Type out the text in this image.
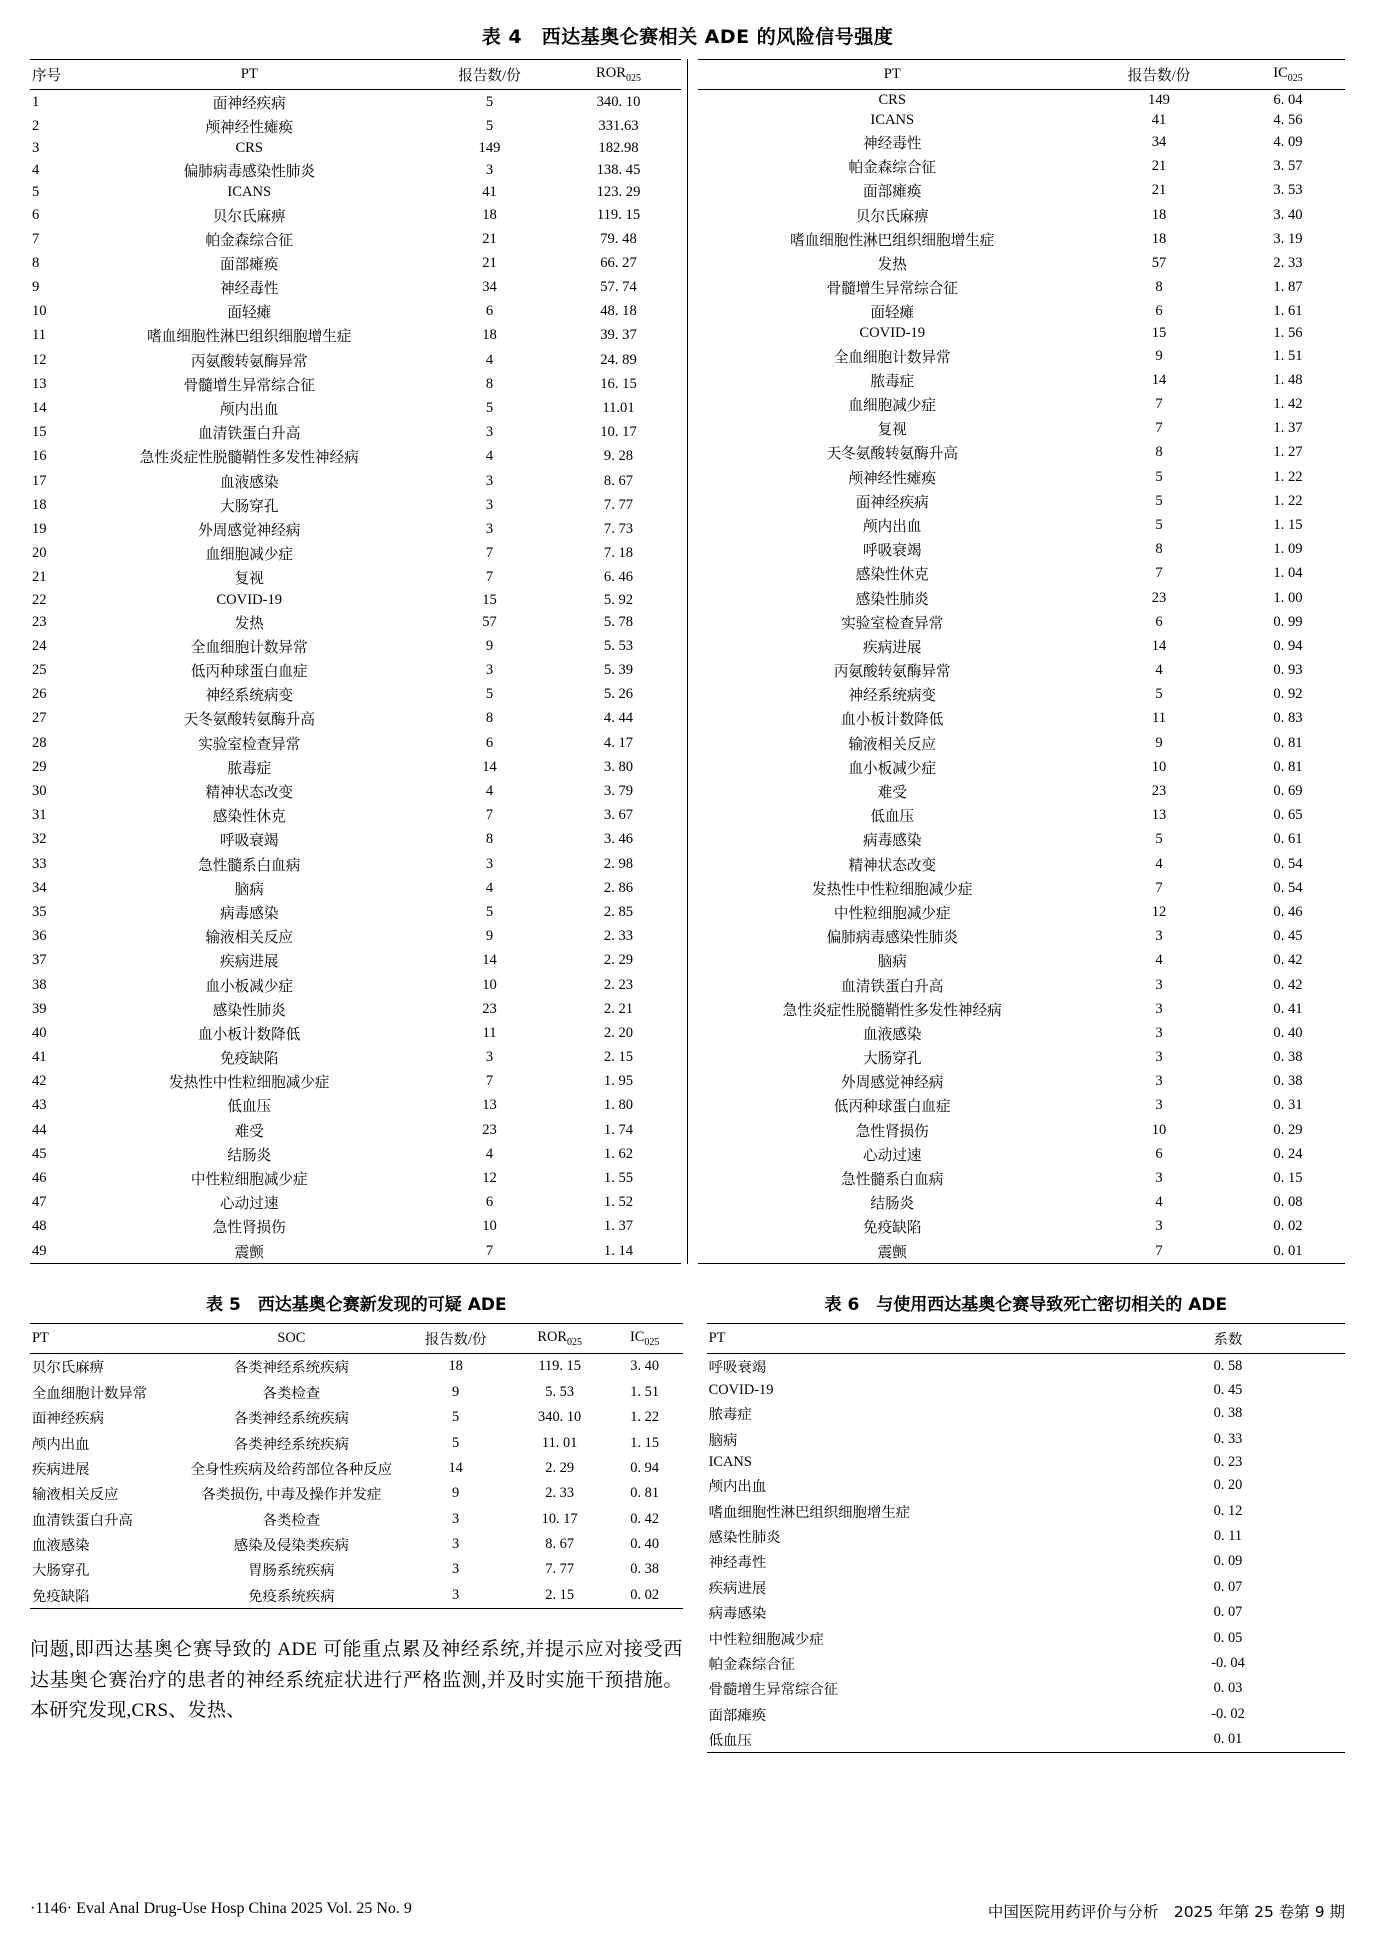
表 4　西达基奥仑赛相关 ADE 的风险信号强度
序号	PT	报告数/份	$ROR_{025}$
1	面神经疾病	5	340. 10
2	颅神经性瘫痪	5	331.63
3	CRS	149	182.98
4	偏肺病毒感染性肺炎	3	138. 45
5	ICANS	41	123. 29
6	贝尔氏麻痹	18	119. 15
7	帕金森综合征	21	79. 48
8	面部瘫痪	21	66. 27
9	神经毒性	34	57. 74
10	面轻瘫	6	48. 18
11	嗜血细胞性淋巴组织细胞增生症	18	39. 37
12	丙氨酸转氨酶异常	4	24. 89
13	骨髓增生异常综合征	8	16. 15
14	颅内出血	5	11.01
15	血清铁蛋白升高	3	10. 17
16	急性炎症性脱髓鞘性多发性神经病	4	9. 28
17	血液感染	3	8. 67
18	大肠穿孔	3	7. 77
19	外周感觉神经病	3	7. 73
20	血细胞减少症	7	7. 18
21	复视	7	6. 46
22	COVID-19	15	5. 92
23	发热	57	5. 78
24	全血细胞计数异常	9	5. 53
25	低丙种球蛋白血症	3	5. 39
26	神经系统病变	5	5. 26
27	天冬氨酸转氨酶升高	8	4. 44
28	实验室检查异常	6	4. 17
29	脓毒症	14	3. 80
30	精神状态改变	4	3. 79
31	感染性休克	7	3. 67
32	呼吸衰竭	8	3. 46
33	急性髓系白血病	3	2. 98
34	脑病	4	2. 86
35	病毒感染	5	2. 85
36	输液相关反应	9	2. 33
37	疾病进展	14	2. 29
38	血小板减少症	10	2. 23
39	感染性肺炎	23	2. 21
40	血小板计数降低	11	2. 20
41	免疫缺陷	3	2. 15
42	发热性中性粒细胞减少症	7	1. 95
43	低血压	13	1. 80
44	难受	23	1. 74
45	结肠炎	4	1. 62
46	中性粒细胞减少症	12	1. 55
47	心动过速	6	1. 52
48	急性肾损伤	10	1. 37
49	震颤	7	1. 14
PT	报告数/份	$IC_{025}$
CRS	149	6. 04
ICANS	41	4. 56
神经毒性	34	4. 09
帕金森综合征	21	3. 57
面部瘫痪	21	3. 53
贝尔氏麻痹	18	3. 40
嗜血细胞性淋巴组织细胞增生症	18	3. 19
发热	57	2. 33
骨髓增生异常综合征	8	1. 87
面轻瘫	6	1. 61
COVID-19	15	1. 56
全血细胞计数异常	9	1. 51
脓毒症	14	1. 48
血细胞减少症	7	1. 42
复视	7	1. 37
天冬氨酸转氨酶升高	8	1. 27
颅神经性瘫痪	5	1. 22
面神经疾病	5	1. 22
颅内出血	5	1. 15
呼吸衰竭	8	1. 09
感染性休克	7	1. 04
感染性肺炎	23	1. 00
实验室检查异常	6	0. 99
疾病进展	14	0. 94
丙氨酸转氨酶异常	4	0. 93
神经系统病变	5	0. 92
血小板计数降低	11	0. 83
输液相关反应	9	0. 81
血小板减少症	10	0. 81
难受	23	0. 69
低血压	13	0. 65
病毒感染	5	0. 61
精神状态改变	4	0. 54
发热性中性粒细胞减少症	7	0. 54
中性粒细胞减少症	12	0. 46
偏肺病毒感染性肺炎	3	0. 45
脑病	4	0. 42
血清铁蛋白升高	3	0. 42
急性炎症性脱髓鞘性多发性神经病	3	0. 41
血液感染	3	0. 40
大肠穿孔	3	0. 38
外周感觉神经病	3	0. 38
低丙种球蛋白血症	3	0. 31
急性肾损伤	10	0. 29
心动过速	6	0. 24
急性髓系白血病	3	0. 15
结肠炎	4	0. 08
免疫缺陷	3	0. 02
震颤	7	0. 01
表 5　西达基奥仑赛新发现的可疑 ADE
PT	SOC	报告数/份	$ROR_{025}$	$IC_{025}$
贝尔氏麻痹	各类神经系统疾病	18	119. 15	3. 40
全血细胞计数异常	各类检查	9	5. 53	1. 51
面神经疾病	各类神经系统疾病	5	340. 10	1. 22
颅内出血	各类神经系统疾病	5	11. 01	1. 15
疾病进展	全身性疾病及给药部位各种反应	14	2. 29	0. 94
输液相关反应	各类损伤, 中毒及操作并发症	9	2. 33	0. 81
血清铁蛋白升高	各类检查	3	10. 17	0. 42
血液感染	感染及侵染类疾病	3	8. 67	0. 40
大肠穿孔	胃肠系统疾病	3	7. 77	0. 38
免疫缺陷	免疫系统疾病	3	2. 15	0. 02
问题,即西达基奥仑赛导致的 ADE 可能重点累及神经系统,并提示应对接受西达基奥仑赛治疗的患者的神经系统症状进行严格监测,并及时实施干预措施。本研究发现,CRS、发热、
表 6　与使用西达基奥仑赛导致死亡密切相关的 ADE
PT	系数
呼吸衰竭	0. 58
COVID-19	0. 45
脓毒症	0. 38
脑病	0. 33
ICANS	0. 23
颅内出血	0. 20
嗜血细胞性淋巴组织细胞增生症	0. 12
感染性肺炎	0. 11
神经毒性	0. 09
疾病进展	0. 07
病毒感染	0. 07
中性粒细胞减少症	0. 05
帕金森综合征	-0. 04
骨髓增生异常综合征	0. 03
面部瘫痪	-0. 02
低血压	0. 01
·1146· Eval Anal Drug-Use Hosp China 2025 Vol. 25 No. 9	中国医院用药评价与分析　2025 年第 25 卷第 9 期
